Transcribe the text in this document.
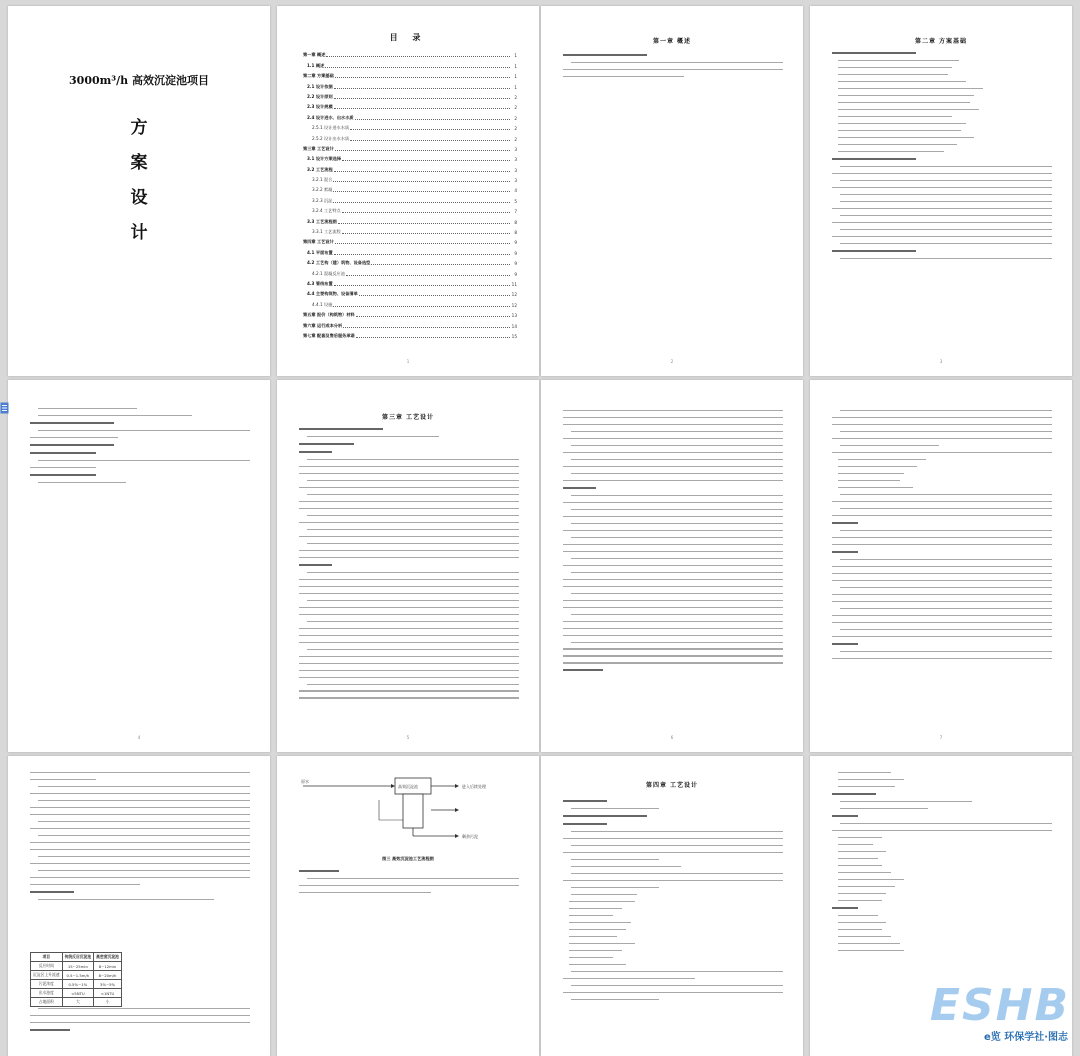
3000m³/h 高效沉淀池项目
方
案
设
计
目 录
第一章 概述	1
1.1 概述	1
第二章 方案基础	1
2.1 设计依据	1
2.2 设计原则	2
2.3 设计规模	2
2.4 设计进水、出水水质	2
2.5.1 设计进水水质	2
2.5.2 设计出水水质	2
第三章 工艺设计	3
3.1 设计方案选择	3
3.2 工艺流程	3
3.2.1 混合	3
3.2.2 絮凝	4
3.2.3 沉淀	5
3.2.4 工艺特点	7
3.3 工艺流程图	8
3.3.1 工艺流程	8
第四章 工艺设计	9
4.1 平面布置	9
4.2 工艺构（建）筑物、设备选型	9
4.2.1 混凝反应池	9
4.3 管线布置	11
4.4 主要构筑物、设备清单	12
4.4.1 设施	12
第五章 报价（构筑物）材料	13
第六章 运行成本分析	14
第七章 配套及售后服务承诺	15
1
第一章 概述
2
第二章 方案基础
3
4
第三章 工艺设计
5	6	7
项目	传统反应沉淀池	高密度沉淀池
反应时间	15~25min	8~12min
沉淀区上升流速	0.5~1.5m/h	8~20m/h
污泥浓度	0.5%~1%	3%~5%
出水浊度	<5NTU	<1NTU
占地面积	大	小
原水
高效沉淀池	进入后续处理
剩余污泥
图三 高效沉淀池工艺流程图
第四章 工艺设计
ESHB
e览 环保学社·图志
